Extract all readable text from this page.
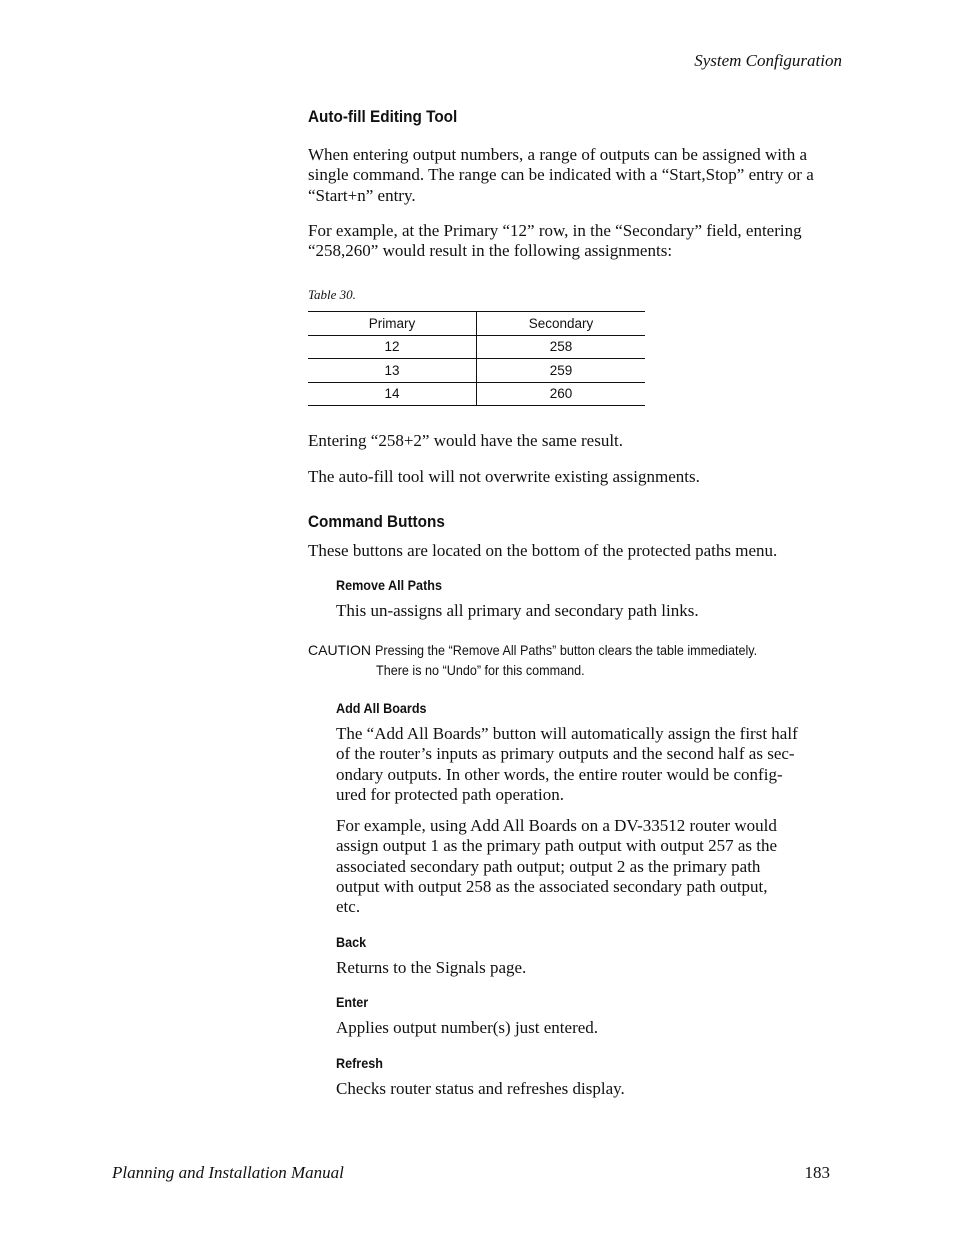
System Configuration
Auto-fill Editing Tool

When entering output numbers, a range of outputs can be assigned with a single command. The range can be indicated with a “Start,Stop” entry or a “Start+n” entry.

For example, at the Primary “12” row, in the “Secondary” field, entering “258,260” would result in the following assignments:

Table 30.
Primary	Secondary
12	258
13	259
14	260

Entering “258+2” would have the same result.

The auto-fill tool will not overwrite existing assignments.

Command Buttons

These buttons are located on the bottom of the protected paths menu.

Remove All Paths

This un-assigns all primary and secondary path links.

CAUTION Pressing the “Remove All Paths” button clears the table immediately.
There is no “Undo” for this command.
Add All Boards

The “Add All Boards” button will automatically assign the first half

of the router’s inputs as primary outputs and the second half as sec-

ondary outputs. In other words, the entire router would be config-

ured for protected path operation.

For example, using Add All Boards on a DV-33512 router would

assign output 1 as the primary path output with output 257 as the

associated secondary path output; output 2 as the primary path

output with output 258 as the associated secondary path output,

etc.

Back

Returns to the Signals page.

Enter

Applies output number(s) just entered.

Refresh

Checks router status and refreshes display.

Planning and Installation Manual	183
